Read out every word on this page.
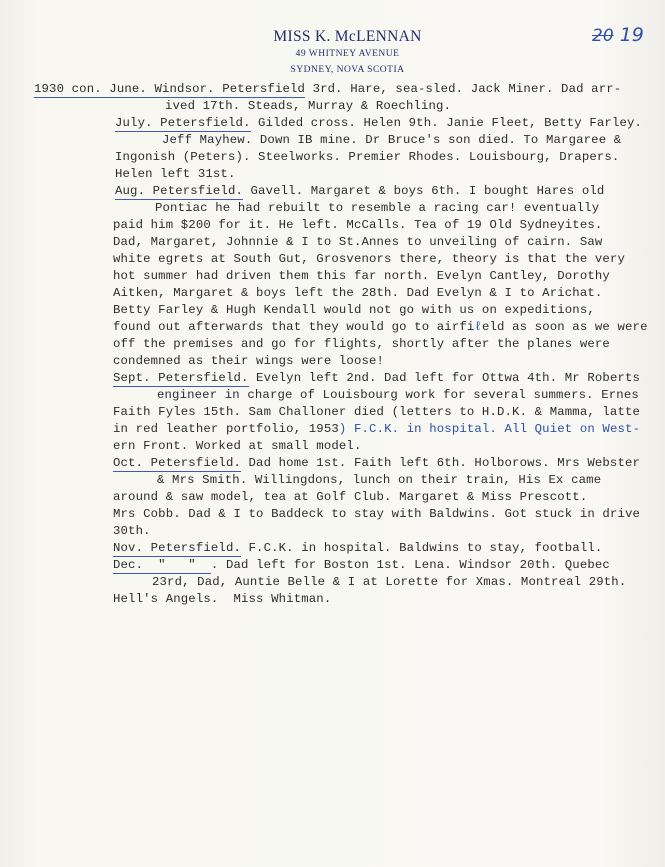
MISS K. McLENNAN
49 WHITNEY AVENUE
SYDNEY, NOVA SCOTIA
20 19
1930 con. June. Windsor. Petersfield 3rd. Hare, sea-sled. Jack Miner. Dad arr-
ived 17th. Steads, Murray & Roechling.
July. Petersfield. Gilded cross. Helen 9th. Janie Fleet, Betty Farley.
Jeff Mayhew. Down IB mine. Dr Bruce's son died. To Margaree &
Ingonish (Peters). Steelworks. Premier Rhodes. Louisbourg, Drapers.
Helen left 31st.
Aug. Petersfield. Gavell. Margaret & boys 6th. I bought Hares old
Pontiac he had rebuilt to resemble a racing car! eventually
paid him $200 for it. He left. McCalls. Tea of 19 Old Sydneyites.
Dad, Margaret, Johnnie & I to St.Annes to unveiling of cairn. Saw
white egrets at South Gut, Grosvenors there, theory is that the very
hot summer had driven them this far north. Evelyn Cantley, Dorothy
Aitken, Margaret & boys left the 28th. Dad Evelyn & I to Arichat.
Betty Farley & Hugh Kendall would not go with us on expeditions,
found out afterwards that they would go to airfiℓeld as soon as we were
off the premises and go for flights, shortly after the planes were
condemned as their wings were loose!
Sept. Petersfield. Evelyn left 2nd. Dad left for Ottwa 4th. Mr Roberts
engineer in charge of Louisbourg work for several summers. Ernes
Faith Fyles 15th. Sam Challoner died (letters to H.D.K. & Mamma, latte
in red leather portfolio, 1953) F.C.K. in hospital. All Quiet on West-
ern Front. Worked at small model.
Oct. Petersfield. Dad home 1st. Faith left 6th. Holborows. Mrs Webster
& Mrs Smith. Willingdons, lunch on their train, His Ex came
around & saw model, tea at Golf Club. Margaret & Miss Prescott.
Mrs Cobb. Dad & I to Baddeck to stay with Baldwins. Got stuck in drive
30th.
Nov. Petersfield. F.C.K. in hospital. Baldwins to stay, football.
Dec.  "   "  . Dad left for Boston 1st. Lena. Windsor 20th. Quebec
23rd, Dad, Auntie Belle & I at Lorette for Xmas. Montreal 29th.
Hell's Angels.  Miss Whitman.
